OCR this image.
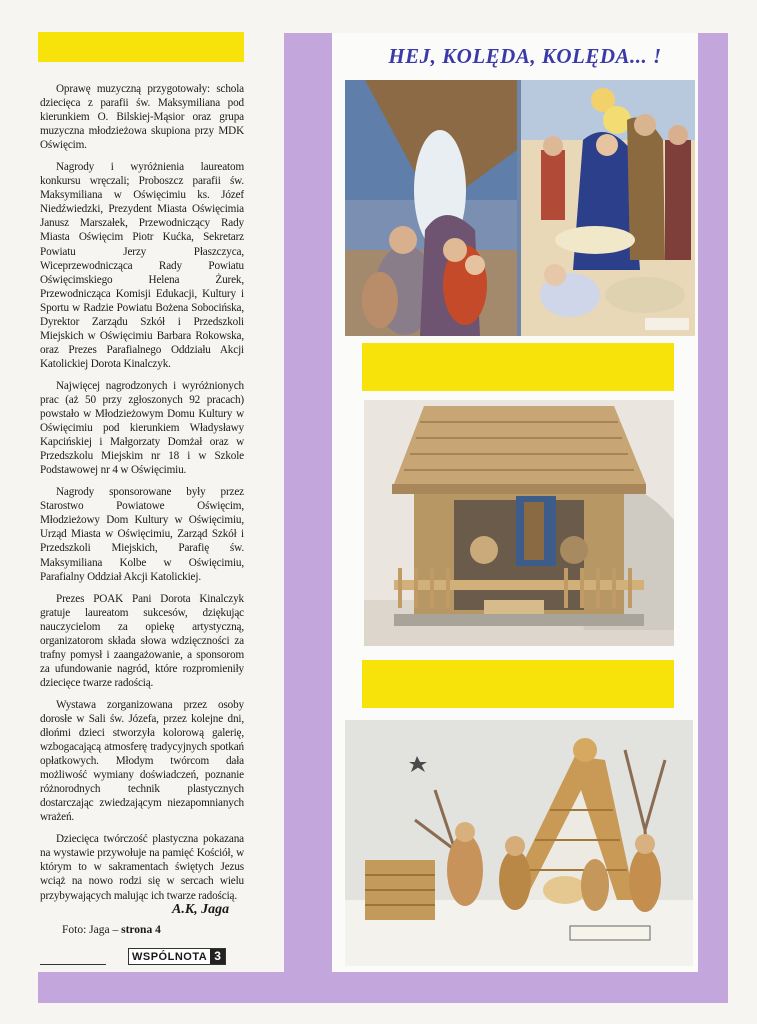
Oprawę muzyczną przygotowały: schola dziecięca z parafii św. Maksymiliana pod kierunkiem O. Bilskiej-Mąsior oraz grupa muzyczna młodzieżowa skupiona przy MDK Oświęcim.

Nagrody i wyróżnienia laureatom konkursu wręczali; Proboszcz parafii św. Maksymiliana w Oświęcimiu ks. Józef Niedźwiedzki, Prezydent Miasta Oświęcimia Janusz Marszałek, Przewodniczący Rady Miasta Oświęcim Piotr Kućka, Sekretarz Powiatu Jerzy Płaszczyca, Wiceprzewodnicząca Rady Powiatu Oświęcimskiego Helena Żurek, Przewodnicząca Komisji Edukacji, Kultury i Sportu w Radzie Powiatu Bożena Sobocińska, Dyrektor Zarządu Szkół i Przedszkoli Miejskich w Oświęcimiu Barbara Rokowska, oraz Prezes Parafialnego Oddziału Akcji Katolickiej Dorota Kinalczyk.

Najwięcej nagrodzonych i wyróżnionych prac (aż 50 przy zgłoszonych 92 pracach) powstało w Młodzieżowym Domu Kultury w Oświęcimiu pod kierunkiem Władysławy Kapcińskiej i Małgorzaty Domżał oraz w Przedszkolu Miejskim nr 18 i w Szkole Podstawowej nr 4 w Oświęcimiu.

Nagrody sponsorowane były przez Starostwo Powiatowe Oświęcim, Młodzieżowy Dom Kultury w Oświęcimiu, Urząd Miasta w Oświęcimiu, Zarząd Szkół i Przedszkoli Miejskich, Parafię św. Maksymiliana Kolbe w Oświęcimiu, Parafialny Oddział Akcji Katolickiej.

Prezes POAK Pani Dorota Kinalczyk gratuje laureatom sukcesów, dziękując nauczycielom za opiekę artystyczną, organizatorom składa słowa wdzięczności za trafny pomysł i zaangażowanie, a sponsorom za ufundowanie nagród, które rozpromieniły dziecięce twarze radością.

Wystawa zorganizowana przez osoby dorosłe w Sali św. Józefa, przez kolejne dni, dłońmi dzieci stworzyła kolorową galerię, wzbogacającą atmosferę tradycyjnych spotkań opłatkowych. Młodym twórcom dała możliwość wymiany doświadczeń, poznanie różnorodnych technik plastycznych dostarczając zwiedzającym niezapomnianych wrażeń.

Dziecięca twórczość plastyczna pokazana na wystawie przywołuje na pamięć Kościół, w którym to w sakramentach świętych Jezus wciąż na nowo rodzi się w sercach wielu przybywających malując ich twarze radością.

A.K, Jaga
Foto: Jaga – strona 4
WSPÓLNOTA 3
HEJ, KOLĘDA, KOLĘDA... !
